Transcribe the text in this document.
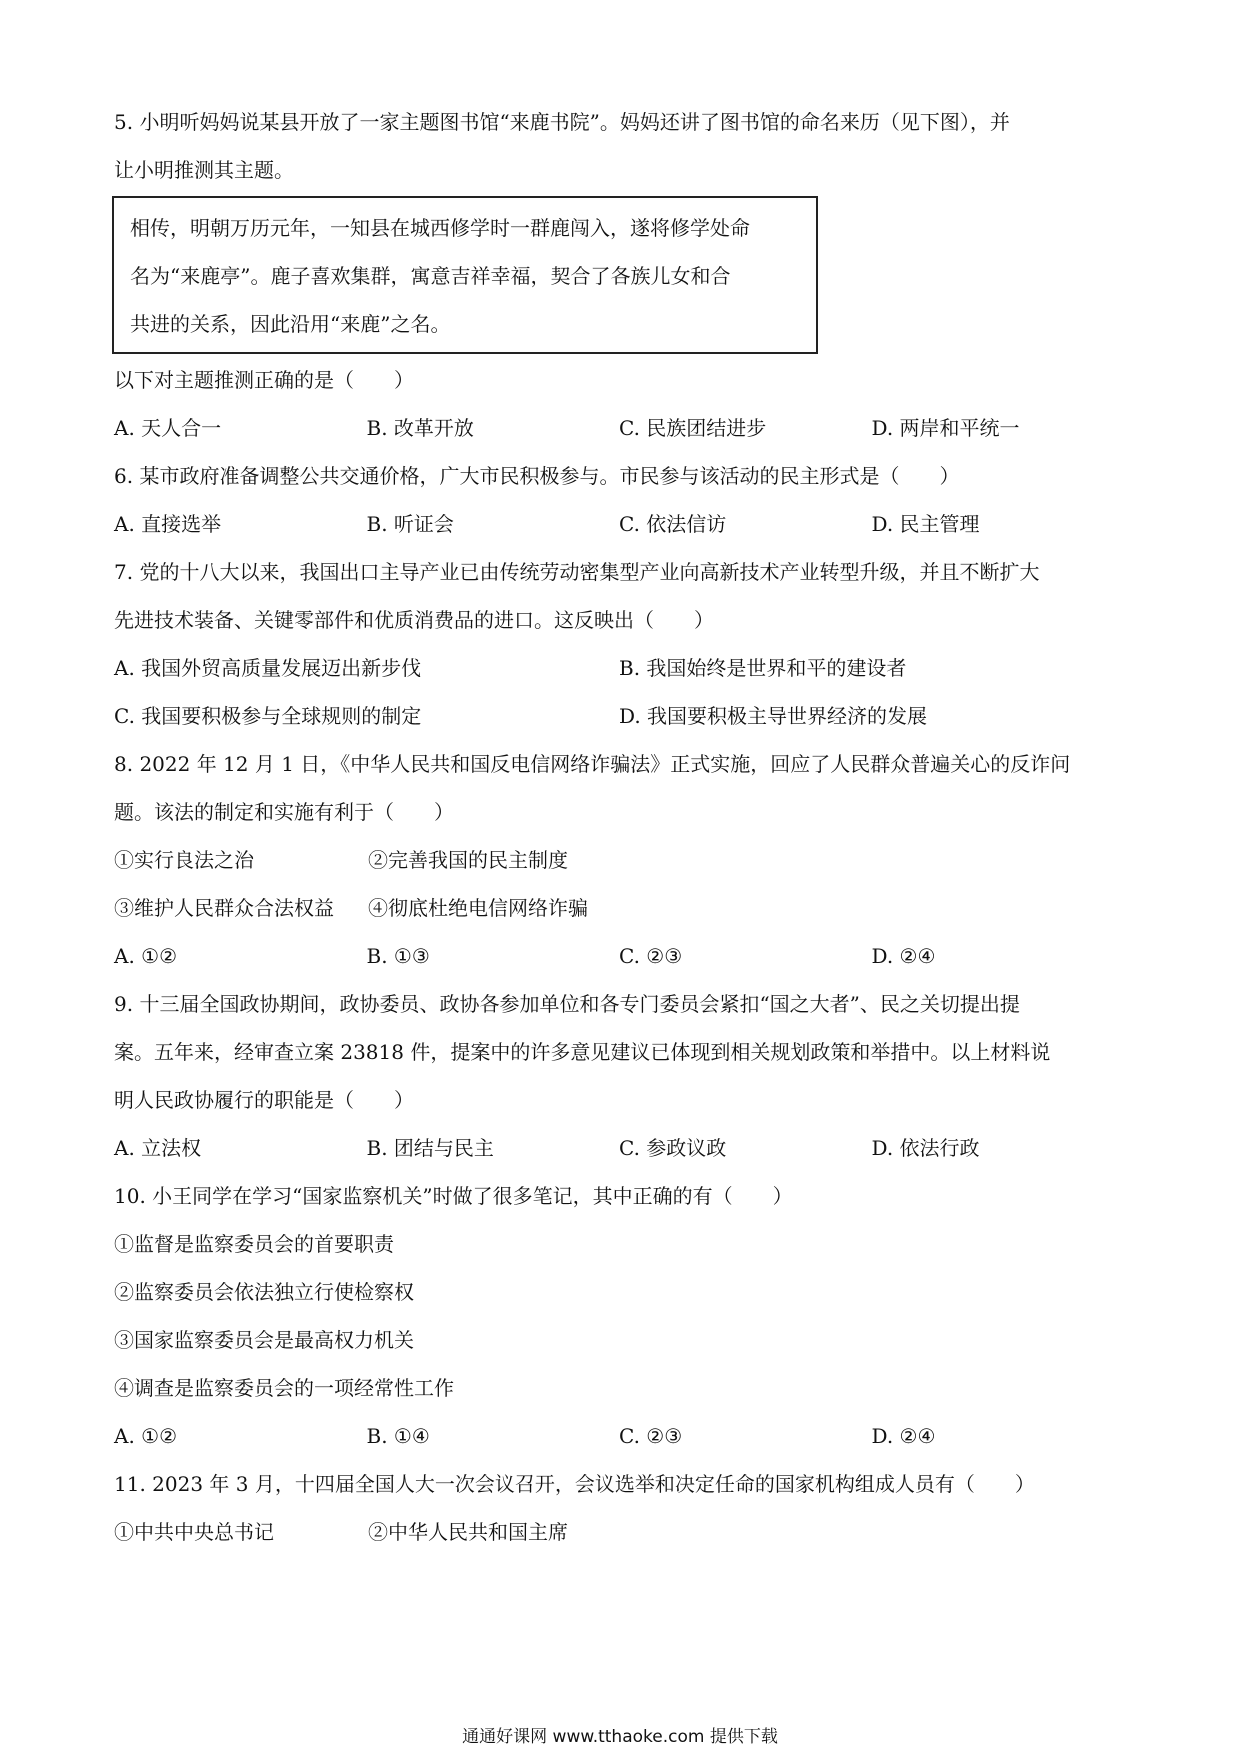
5. 小明听妈妈说某县开放了一家主题图书馆“来鹿书院”。妈妈还讲了图书馆的命名来历（见下图），并
让小明推测其主题。
相传，明朝万历元年，一知县在城西修学时一群鹿闯入，遂将修学处命
名为“来鹿亭”。鹿子喜欢集群，寓意吉祥幸福，契合了各族儿女和合
共进的关系，因此沿用“来鹿”之名。
以下对主题推测正确的是（　　）
A. 天人合一	B. 改革开放	C. 民族团结进步	D. 两岸和平统一
6. 某市政府准备调整公共交通价格，广大市民积极参与。市民参与该活动的民主形式是（　　）
A. 直接选举	B. 听证会	C. 依法信访	D. 民主管理
7. 党的十八大以来，我国出口主导产业已由传统劳动密集型产业向高新技术产业转型升级，并且不断扩大
先进技术装备、关键零部件和优质消费品的进口。这反映出（　　）
A. 我国外贸高质量发展迈出新步伐	B. 我国始终是世界和平的建设者
C. 我国要积极参与全球规则的制定	D. 我国要积极主导世界经济的发展
8. 2022 年 12 月 1 日，《中华人民共和国反电信网络诈骗法》正式实施，回应了人民群众普遍关心的反诈问
题。该法的制定和实施有利于（　　）
①实行良法之治	②完善我国的民主制度
③维护人民群众合法权益	④彻底杜绝电信网络诈骗
A. ①②	B. ①③	C. ②③	D. ②④
9. 十三届全国政协期间，政协委员、政协各参加单位和各专门委员会紧扣“国之大者”、民之关切提出提
案。五年来，经审查立案 23818 件，提案中的许多意见建议已体现到相关规划政策和举措中。以上材料说
明人民政协履行的职能是（　　）
A. 立法权	B. 团结与民主	C. 参政议政	D. 依法行政
10. 小王同学在学习“国家监察机关”时做了很多笔记，其中正确的有（　　）
①监督是监察委员会的首要职责
②监察委员会依法独立行使检察权
③国家监察委员会是最高权力机关
④调查是监察委员会的一项经常性工作
A. ①②	B. ①④	C. ②③	D. ②④
11. 2023 年 3 月，十四届全国人大一次会议召开，会议选举和决定任命的国家机构组成人员有（　　）
①中共中央总书记	②中华人民共和国主席
通通好课网 www.tthaoke.com 提供下载
